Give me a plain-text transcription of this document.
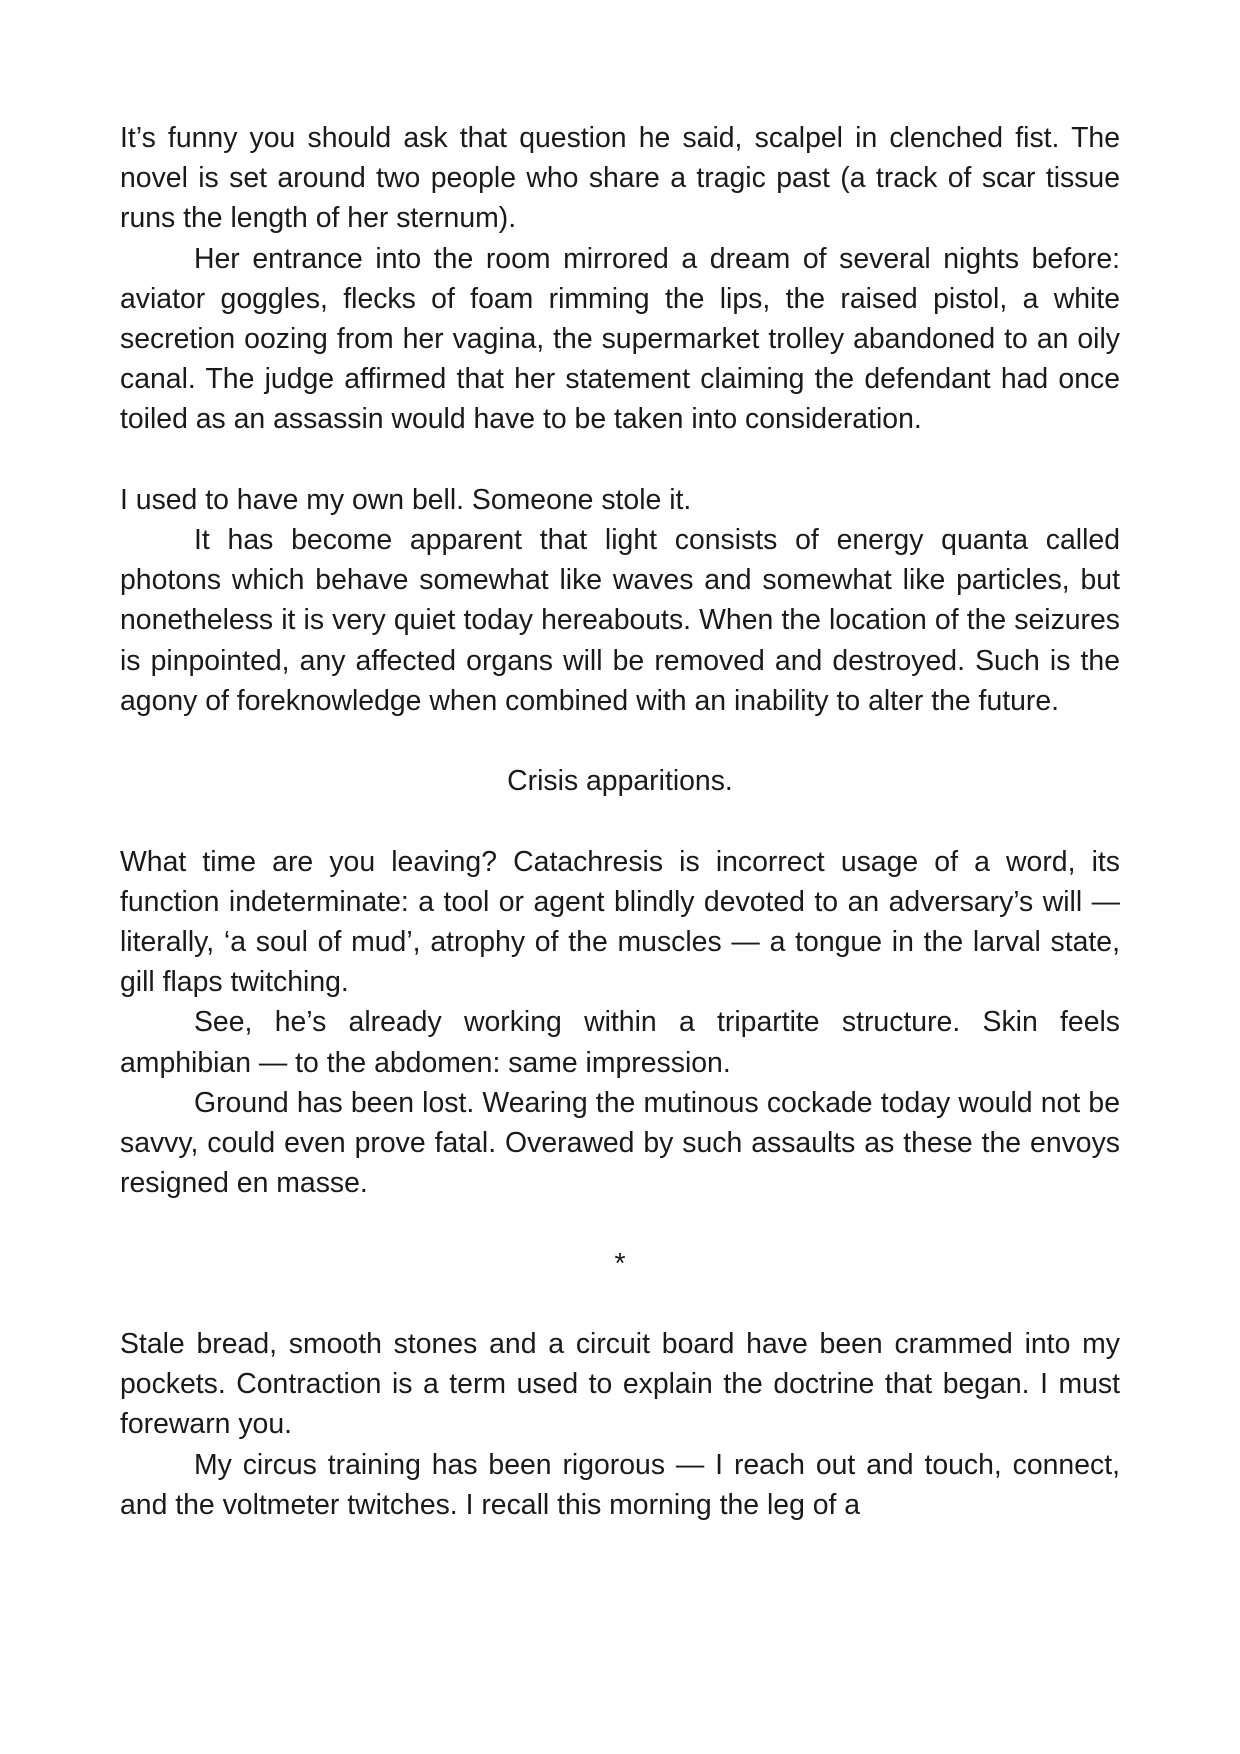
It’s funny you should ask that question he said, scalpel in clenched fist. The novel is set around two people who share a tragic past (a track of scar tissue runs the length of her sternum).

Her entrance into the room mirrored a dream of several nights before: aviator goggles, flecks of foam rimming the lips, the raised pistol, a white secretion oozing from her vagina, the supermarket trolley abandoned to an oily canal. The judge affirmed that her statement claiming the defendant had once toiled as an assassin would have to be taken into consideration.

I used to have my own bell. Someone stole it.

It has become apparent that light consists of energy quanta called photons which behave somewhat like waves and somewhat like particles, but nonetheless it is very quiet today hereabouts. When the location of the seizures is pinpointed, any affected organs will be removed and destroyed. Such is the agony of foreknowledge when combined with an inability to alter the future.

Crisis apparitions.

What time are you leaving? Catachresis is incorrect usage of a word, its function indeterminate: a tool or agent blindly devoted to an adversary’s will — literally, ‘a soul of mud’, atrophy of the muscles — a tongue in the larval state, gill flaps twitching.

See, he’s already working within a tripartite structure. Skin feels amphibian — to the abdomen: same impression.

Ground has been lost. Wearing the mutinous cockade today would not be savvy, could even prove fatal. Overawed by such assaults as these the envoys resigned en masse.

*

Stale bread, smooth stones and a circuit board have been crammed into my pockets. Contraction is a term used to explain the doctrine that began. I must forewarn you.

My circus training has been rigorous — I reach out and touch, connect, and the voltmeter twitches. I recall this morning the leg of a
